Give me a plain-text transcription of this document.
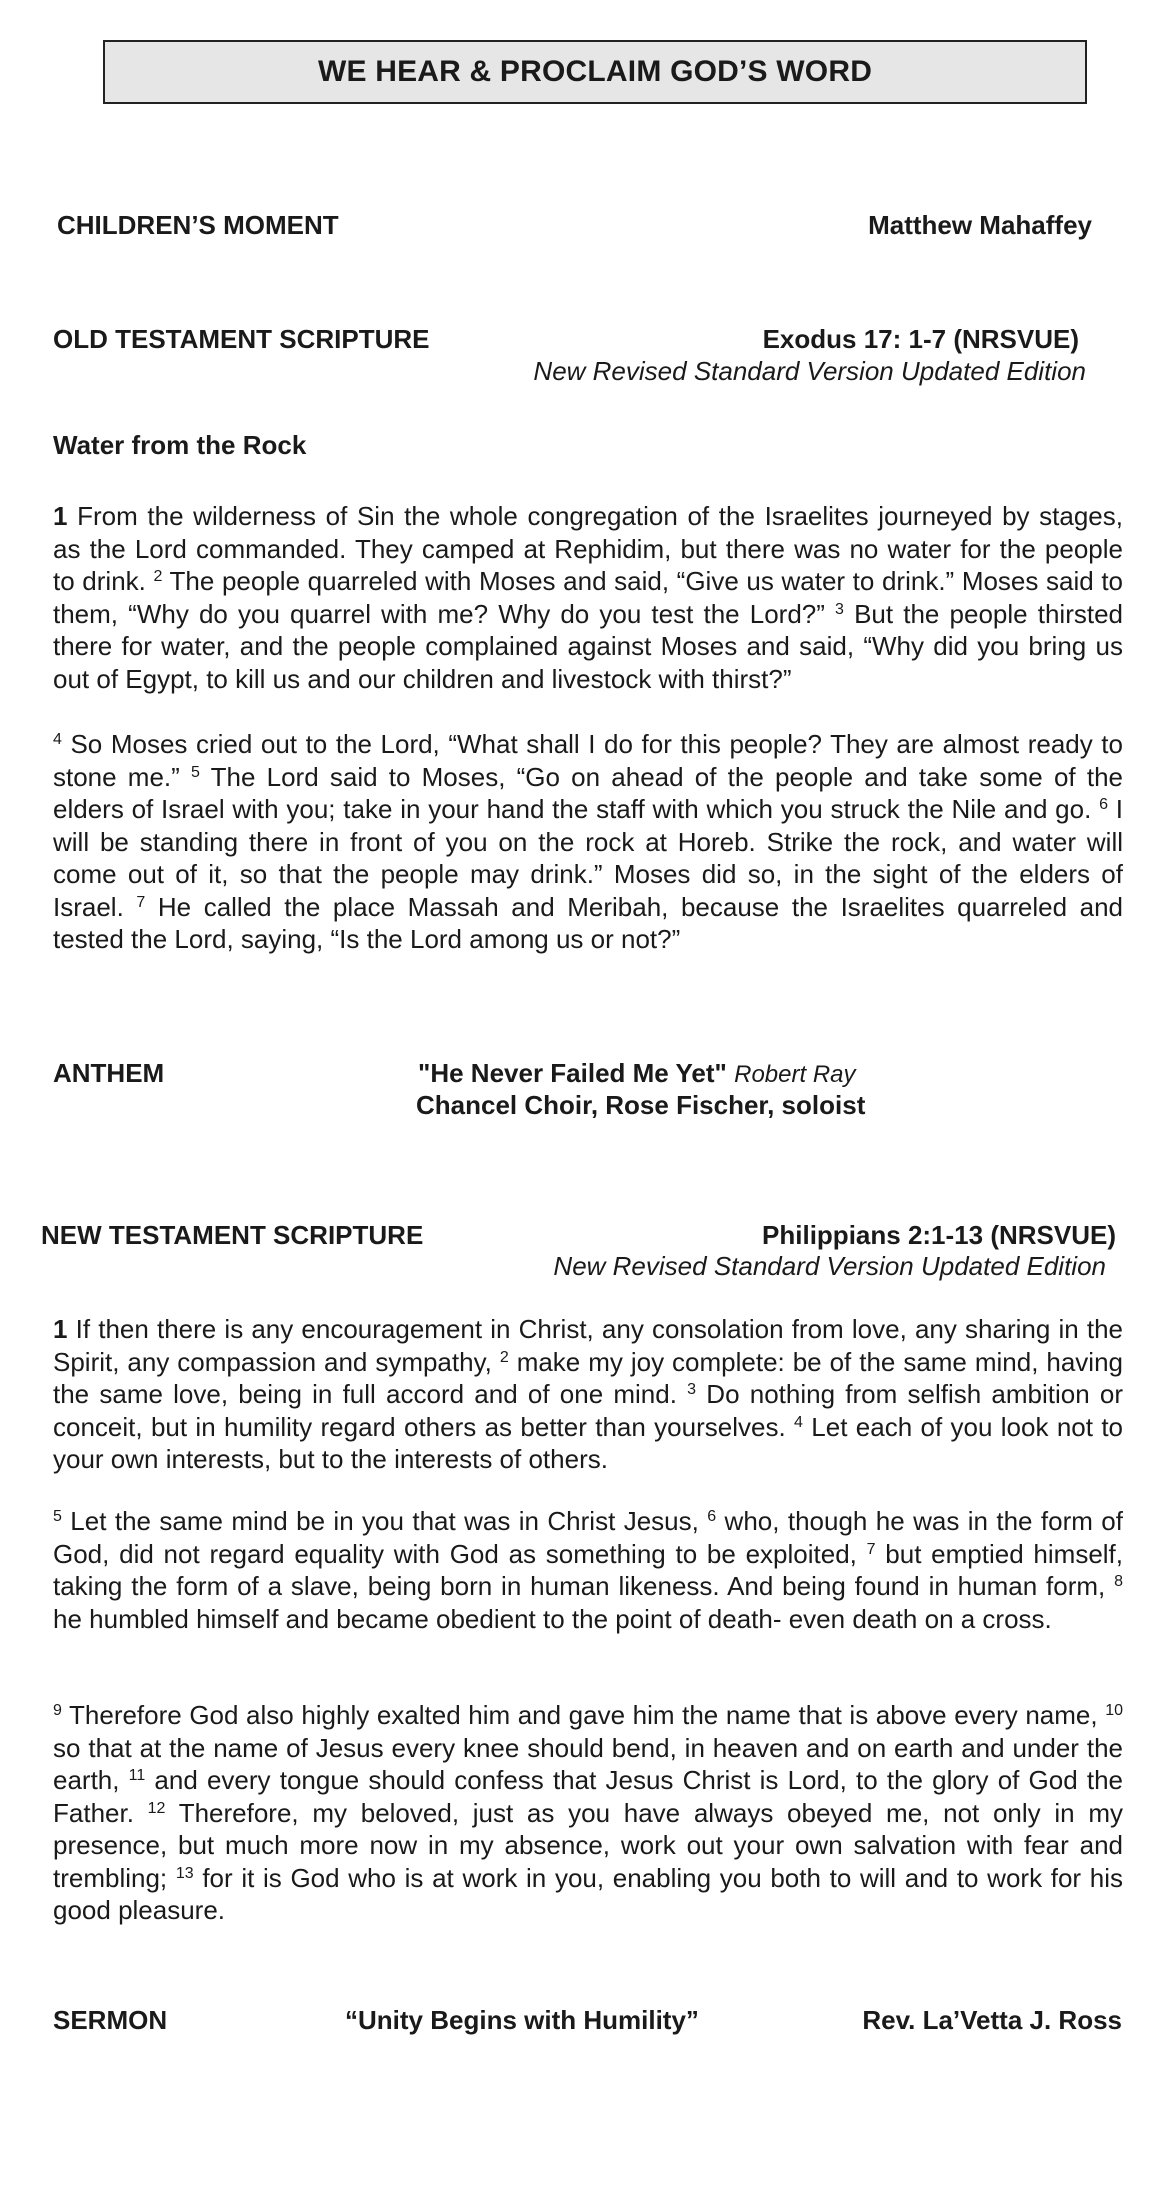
WE HEAR & PROCLAIM GOD’S WORD
CHILDREN’S MOMENT	Matthew Mahaffey
OLD TESTAMENT SCRIPTURE	Exodus 17: 1-7 (NRSVUE)
New Revised Standard Version Updated Edition
Water from the Rock

1 From the wilderness of Sin the whole congregation of the Israelites journeyed by stages, as the Lord commanded. They camped at Rephidim, but there was no water for the people to drink. $^2$ The people quarreled with Moses and said, “Give us water to drink.” Moses said to them, “Why do you quarrel with me? Why do you test the Lord?” $^3$ But the people thirsted there for water, and the people complained against Moses and said, “Why did you bring us out of Egypt, to kill us and our children and livestock with thirst?”

$^4$ So Moses cried out to the Lord, “What shall I do for this people? They are almost ready to stone me.” $^5$ The Lord said to Moses, “Go on ahead of the people and take some of the elders of Israel with you; take in your hand the staff with which you struck the Nile and go. $^6$ I will be standing there in front of you on the rock at Horeb. Strike the rock, and water will come out of it, so that the people may drink.” Moses did so, in the sight of the elders of Israel. $^7$ He called the place Massah and Meribah, because the Israelites quarreled and tested the Lord, saying, “Is the Lord among us or not?”

ANTHEM	"He Never Failed Me Yet" Robert Ray
Chancel Choir, Rose Fischer, soloist
NEW TESTAMENT SCRIPTURE	Philippians 2:1-13 (NRSVUE)
New Revised Standard Version Updated Edition

1 If then there is any encouragement in Christ, any consolation from love, any sharing in the Spirit, any compassion and sympathy, $^2$ make my joy complete: be of the same mind, having the same love, being in full accord and of one mind. $^3$ Do nothing from selfish ambition or conceit, but in humility regard others as better than yourselves. $^4$ Let each of you look not to your own interests, but to the interests of others.

$^5$ Let the same mind be in you that was in Christ Jesus, $^6$ who, though he was in the form of God, did not regard equality with God as something to be exploited, $^7$ but emptied himself, taking the form of a slave, being born in human likeness. And being found in human form, $^8$ he humbled himself and became obedient to the point of death- even death on a cross.

$^9$ Therefore God also highly exalted him and gave him the name that is above every name, $^{10}$ so that at the name of Jesus every knee should bend, in heaven and on earth and under the earth, $^{11}$ and every tongue should confess that Jesus Christ is Lord, to the glory of God the Father. $^{12}$ Therefore, my beloved, just as you have always obeyed me, not only in my presence, but much more now in my absence, work out your own salvation with fear and trembling; $^{13}$ for it is God who is at work in you, enabling you both to will and to work for his good pleasure.

SERMON	“Unity Begins with Humility”	Rev. La’Vetta J. Ross
